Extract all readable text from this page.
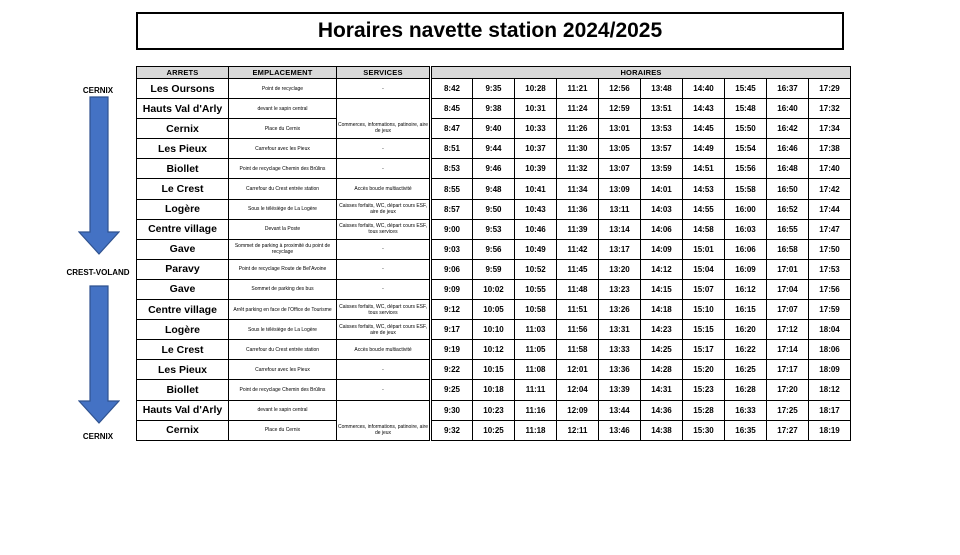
Horaires navette station 2024/2025
CERNIX
CREST-VOLAND
CERNIX
ARRETS	EMPLACEMENT	SERVICES	HORAIRES									
Les Oursons	Point de recyclage	-	8:42	9:35	10:28	11:21	12:56	13:48	14:40	15:45	16:37	17:29
Hauts Val d'Arly	devant le sapin central		8:45	9:38	10:31	11:24	12:59	13:51	14:43	15:48	16:40	17:32
Cernix	Place du Cernix	Commerces, informations, patinoire, aire de jeux	8:47	9:40	10:33	11:26	13:01	13:53	14:45	15:50	16:42	17:34
Les Pieux	Carrefour avec les Pieux	-	8:51	9:44	10:37	11:30	13:05	13:57	14:49	15:54	16:46	17:38
Biollet	Point de recyclage Chemin des Brûlins	-	8:53	9:46	10:39	11:32	13:07	13:59	14:51	15:56	16:48	17:40
Le Crest	Carrefour du Crest entrée station	Accès boucle multiactivité	8:55	9:48	10:41	11:34	13:09	14:01	14:53	15:58	16:50	17:42
Logère	Sous le télésiège de La Logère	Caisses forfaits, WC, départ cours ESF, aire de jeux	8:57	9:50	10:43	11:36	13:11	14:03	14:55	16:00	16:52	17:44
Centre village	Devant la Poste	Caisses forfaits, WC, départ cours ESF, tous services	9:00	9:53	10:46	11:39	13:14	14:06	14:58	16:03	16:55	17:47
Gave	Sommet de parking à proximité du point de recyclage	-	9:03	9:56	10:49	11:42	13:17	14:09	15:01	16:06	16:58	17:50
Paravy	Point de recyclage Route de Bel'Avoine	-	9:06	9:59	10:52	11:45	13:20	14:12	15:04	16:09	17:01	17:53
Gave	Sommet de parking des bus	-	9:09	10:02	10:55	11:48	13:23	14:15	15:07	16:12	17:04	17:56
Centre village	Arrêt parking en face de l'Office de Tourisme	Caisses forfaits, WC, départ cours ESF, tous services	9:12	10:05	10:58	11:51	13:26	14:18	15:10	16:15	17:07	17:59
Logère	Sous le télésiège de La Logère	Caisses forfaits, WC, départ cours ESF, aire de jeux	9:17	10:10	11:03	11:56	13:31	14:23	15:15	16:20	17:12	18:04
Le Crest	Carrefour du Crest entrée station	Accès boucle multiactivité	9:19	10:12	11:05	11:58	13:33	14:25	15:17	16:22	17:14	18:06
Les Pieux	Carrefour avec les Pieux	-	9:22	10:15	11:08	12:01	13:36	14:28	15:20	16:25	17:17	18:09
Biollet	Point de recyclage Chemin des Brûlins	-	9:25	10:18	11:11	12:04	13:39	14:31	15:23	16:28	17:20	18:12
Hauts Val d'Arly	devant le sapin central		9:30	10:23	11:16	12:09	13:44	14:36	15:28	16:33	17:25	18:17
Cernix	Place du Cernix	Commerces, informations, patinoire, aire de jeux	9:32	10:25	11:18	12:11	13:46	14:38	15:30	16:35	17:27	18:19
